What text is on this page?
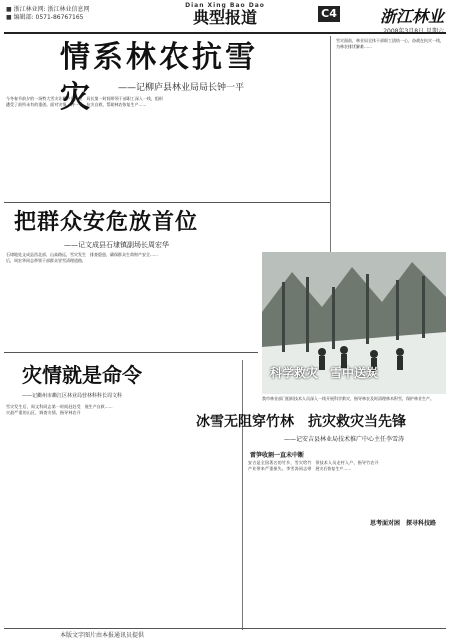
■ 浙江林业网: 浙江林业信息网
■ 编辑部: 0571-86767165
Dian Xing Bao Dao
典型报道	C4	浙江林业
情系林农抗雪灾	——记柳庐县林业局局长钟一平
今冬春节前夕的一场特大雪灾让柳庐县林业遭受了前所未有的重创。面对灾情，钟一平局长第一时间带领干部职工深入一线，组织抗灾自救，帮助林农恢复生产……
雪灾面前，林业局全体干部职工团结一心，奋战在抗灾一线，为林农排忧解难……
把群众安危放首位
——记文成县石埭镇副场长周宏华
石埭地处文成县西北部，山高路远，雪灾发生后，周宏华同志带领干部群众冒雪清理道路，排查隐患，确保群众生命财产安全……
科学救灾　雪中送炭
我市林业部门组织技术人员深入一线开展科学救灾，指导林农及时清理林木积雪，保护林业生产。
灾情就是命令
——记衢州市衢江区林业局营林科科长周文科
雪灾发生后，周文科同志第一时间赶赴受灾最严重的山区，调查灾情，指导林农开展生产自救……
冰雪无阻穿竹林　抗灾救灾当先锋
——记安吉县林业局技术推广中心主任李雪涛
雷笋收割一直未中断
思考面对困　探寻科技路
安吉是全国著名的竹乡，雪灾给竹产业带来严重损失。李雪涛同志带领技术人员走村入户，指导竹农开展灾后恢复生产……
本版文字图片由本报通讯员提供
